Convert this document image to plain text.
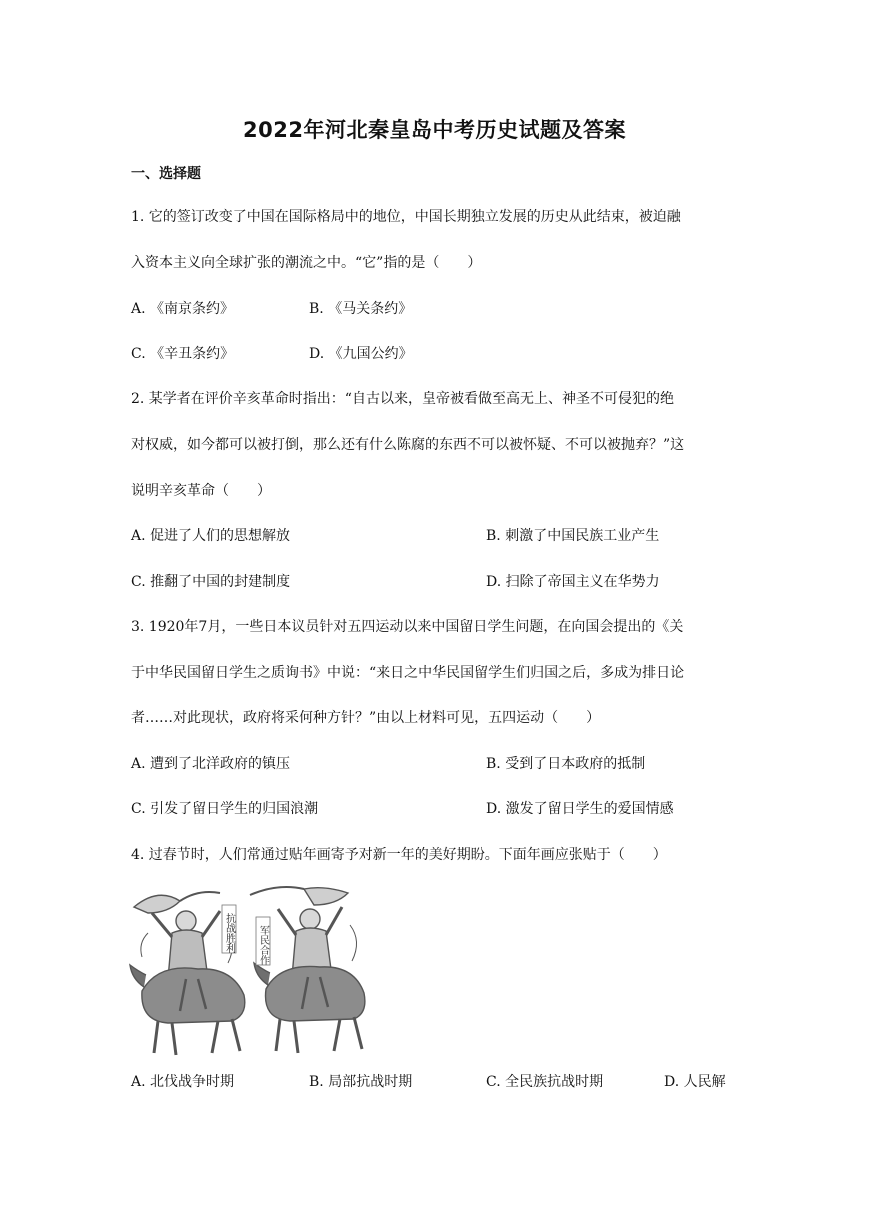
2022年河北秦皇岛中考历史试题及答案
一、选择题
1. 它的签订改变了中国在国际格局中的地位，中国长期独立发展的历史从此结束，被迫融
入资本主义向全球扩张的潮流之中。“它”指的是（　　）
A. 《南京条约》	B. 《马关条约》
C. 《辛丑条约》	D. 《九国公约》
2. 某学者在评价辛亥革命时指出：“自古以来，皇帝被看做至高无上、神圣不可侵犯的绝
对权威，如今都可以被打倒，那么还有什么陈腐的东西不可以被怀疑、不可以被抛弃？”这
说明辛亥革命（　　）
A. 促进了人们的思想解放	B. 刺激了中国民族工业产生
C. 推翻了中国的封建制度	D. 扫除了帝国主义在华势力
3. 1920年7月，一些日本议员针对五四运动以来中国留日学生问题，在向国会提出的《关
于中华民国留日学生之质询书》中说：“来日之中华民国留学生们归国之后，多成为排日论
者……对此现状，政府将采何种方针？”由以上材料可见，五四运动（　　）
A. 遭到了北洋政府的镇压	B. 受到了日本政府的抵制
C. 引发了留日学生的归国浪潮	D. 激发了留日学生的爱国情感
4. 过春节时，人们常通过贴年画寄予对新一年的美好期盼。下面年画应张贴于（　　）
抗战胜利 军民合作
A. 北伐战争时期	B. 局部抗战时期	C. 全民族抗战时期	D. 人民解
